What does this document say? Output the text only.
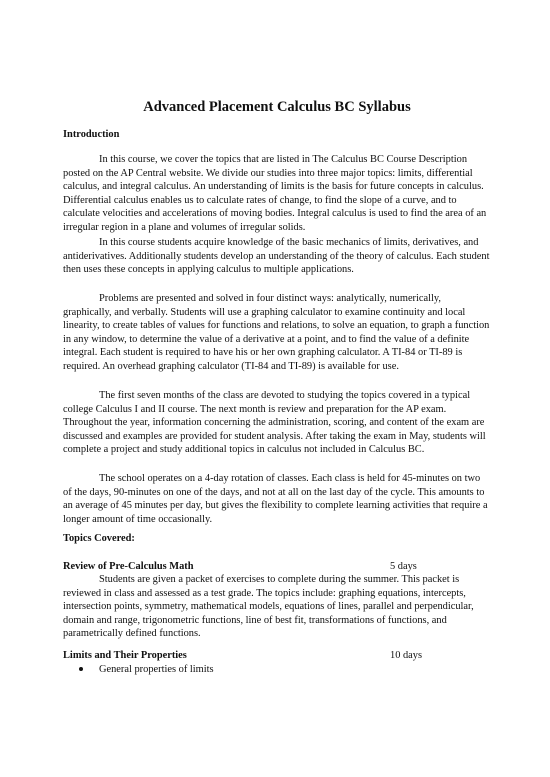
Advanced Placement Calculus BC Syllabus

Introduction

In this course, we cover the topics that are listed in The Calculus BC Course Description posted on the AP Central website. We divide our studies into three major topics: limits, differential calculus, and integral calculus. An understanding of limits is the basis for future concepts in calculus. Differential calculus enables us to calculate rates of change, to find the slope of a curve, and to calculate velocities and accelerations of moving bodies. Integral calculus is used to find the area of an irregular region in a plane and volumes of irregular solids.

In this course students acquire knowledge of the basic mechanics of limits, derivatives, and antiderivatives. Additionally students develop an understanding of the theory of calculus. Each student then uses these concepts in applying calculus to multiple applications.

Problems are presented and solved in four distinct ways: analytically, numerically, graphically, and verbally. Students will use a graphing calculator to examine continuity and local linearity, to create tables of values for functions and relations, to solve an equation, to graph a function in any window, to determine the value of a derivative at a point, and to find the value of a definite integral. Each student is required to have his or her own graphing calculator. A TI-84 or TI-89 is required. An overhead graphing calculator (TI-84 and TI-89) is available for use.

The first seven months of the class are devoted to studying the topics covered in a typical college Calculus I and II course. The next month is review and preparation for the AP exam. Throughout the year, information concerning the administration, scoring, and content of the exam are discussed and examples are provided for student analysis. After taking the exam in May, students will complete a project and study additional topics in calculus not included in Calculus BC.

The school operates on a 4-day rotation of classes. Each class is held for 45-minutes on two of the days, 90-minutes on one of the days, and not at all on the last day of the cycle. This amounts to an average of 45 minutes per day, but gives the flexibility to complete learning activities that require a longer amount of time occasionally.

Topics Covered:

Review of Pre-Calculus Math	5 days

Students are given a packet of exercises to complete during the summer. This packet is reviewed in class and assessed as a test grade. The topics include: graphing equations, intercepts, intersection points, symmetry, mathematical models, equations of lines, parallel and perpendicular, domain and range, trigonometric functions, line of best fit, transformations of functions, and parametrically defined functions.

Limits and Their Properties	10 days
General properties of limits
